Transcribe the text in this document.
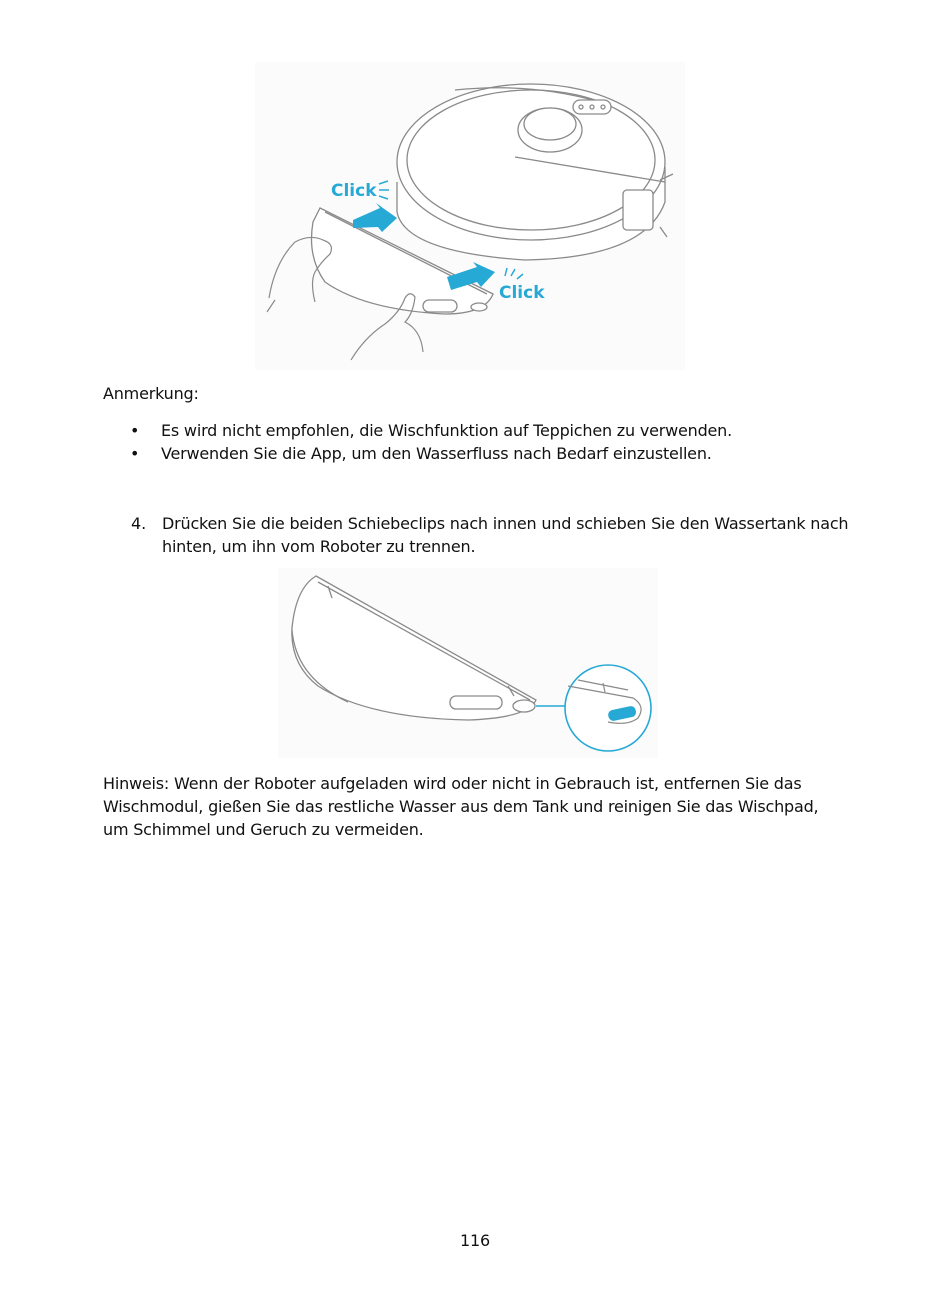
Click
Click
Anmerkung:
• Es wird nicht empfohlen, die Wischfunktion auf Teppichen zu verwenden.
• Verwenden Sie die App, um den Wasserfluss nach Bedarf einzustellen.
4. Drücken Sie die beiden Schiebeclips nach innen und schieben Sie den Wassertank nach hinten, um ihn vom Roboter zu trennen.
Hinweis: Wenn der Roboter aufgeladen wird oder nicht in Gebrauch ist, entfernen Sie das Wischmodul, gießen Sie das restliche Wasser aus dem Tank und reinigen Sie das Wischpad, um Schimmel und Geruch zu vermeiden.
116
